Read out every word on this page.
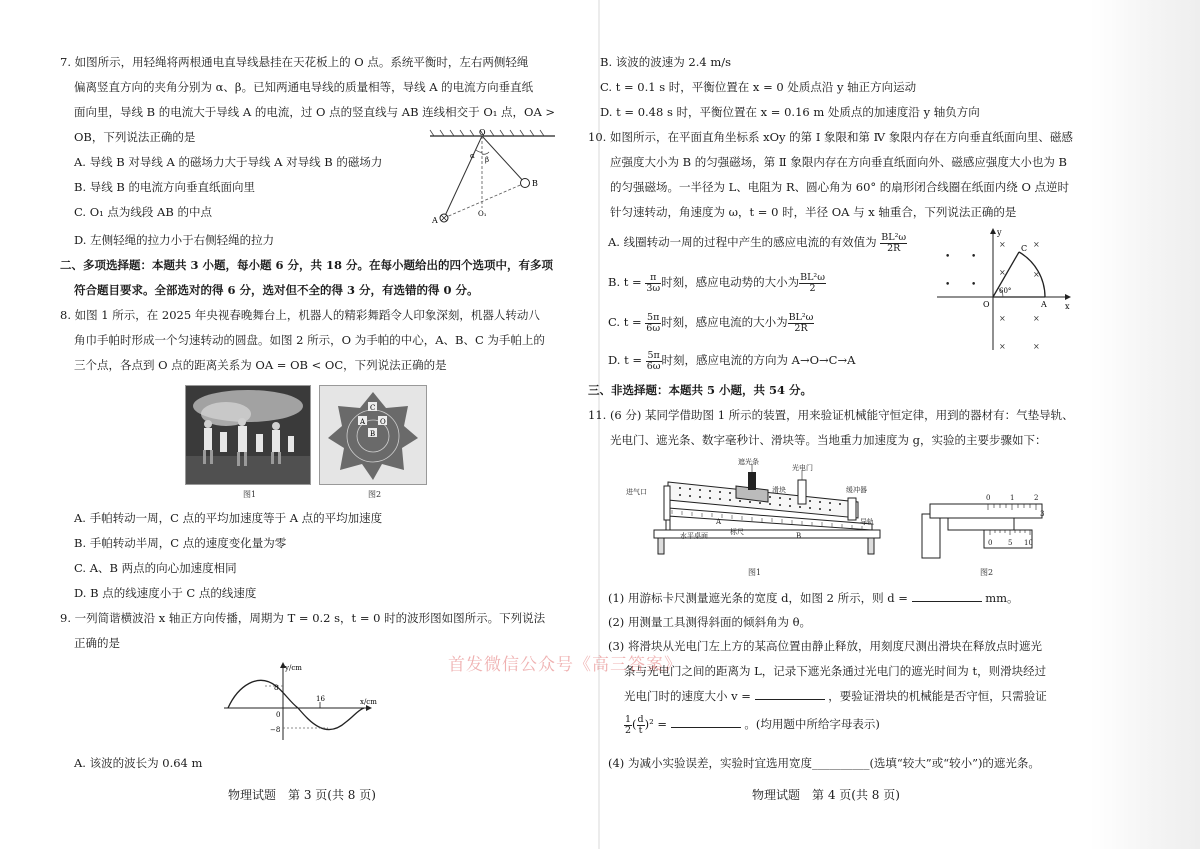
7. 如图所示，用轻绳将两根通电直导线悬挂在天花板上的 O 点。系统平衡时，左右两侧轻绳
偏离竖直方向的夹角分别为 α、β。已知两通电导线的质量相等，导线 A 的电流方向垂直纸
面向里，导线 B 的电流大于导线 A 的电流，过 O 点的竖直线与 AB 连线相交于 O₁ 点，OA >
OB，下列说法正确的是	O
A
B
O₁
α β
A. 导线 B 对导线 A 的磁场力大于导线 A 对导线 B 的磁场力
B. 导线 B 的电流方向垂直纸面向里
C. O₁ 点为线段 AB 的中点
D. 左侧轻绳的拉力小于右侧轻绳的拉力
二、多项选择题：本题共 3 小题，每小题 6 分，共 18 分。在每小题给出的四个选项中，有多项
符合题目要求。全部选对的得 6 分，选对但不全的得 3 分，有选错的得 0 分。
8. 如图 1 所示，在 2025 年央视春晚舞台上，机器人的精彩舞蹈令人印象深刻，机器人转动八
角巾手帕时形成一个匀速转动的圆盘。如图 2 所示，O 为手帕的中心，A、B、C 为手帕上的
三个点，各点到 O 点的距离关系为 OA = OB < OC，下列说法正确的是
图1
C
A O
B
图2
A. 手帕转动一周，C 点的平均加速度等于 A 点的平均加速度
B. 手帕转动半周，C 点的速度变化量为零
C. A、B 两点的向心加速度相同
D. B 点的线速度小于 C 点的线速度
9. 一列简谐横波沿 x 轴正方向传播，周期为 T = 0.2 s，t = 0 时的波形图如图所示。下列说法
正确的是
y/cm
x/cm
8
−8
16
0
A. 该波的波长为 0.64 m
物理试题　第 3 页(共 8 页)
B. 该波的波速为 2.4 m/s
C. t = 0.1 s 时，平衡位置在 x = 0 处质点沿 y 轴正方向运动
D. t = 0.48 s 时，平衡位置在 x = 0.16 m 处质点的加速度沿 y 轴负方向
10. 如图所示，在平面直角坐标系 xOy 的第 Ⅰ 象限和第 Ⅳ 象限内存在方向垂直纸面向里、磁感
应强度大小为 B 的匀强磁场，第 Ⅱ 象限内存在方向垂直纸面向外、磁感应强度大小也为 B
的匀强磁场。一半径为 L、电阻为 R、圆心角为 60° 的扇形闭合线圈在纸面内绕 O 点逆时
针匀速转动，角速度为 ω，t = 0 时，半径 OA 与 x 轴重合，下列说法正确的是
A. 线圈转动一周的过程中产生的感应电流的有效值为 $\frac{\text{BL²ω}}{2R}$
B. $t = \frac{\pi}{3\omega}$ 时刻，感应电动势的大小为 $\frac{\text{BL²ω}}{2}$
C. $t = \frac{5\pi}{6\omega}$ 时刻，感应电流的大小为 $\frac{\text{BL²ω}}{2R}$
D. $t = \frac{5\pi}{6\omega}$ 时刻，感应电流的方向为 A→O→C→A
• •
• •
×	×
×	×
×	×
×	×
y
x
O	A
C
60°
三、非选择题：本题共 5 小题，共 54 分。
11. (6 分) 某同学借助图 1 所示的装置，用来验证机械能守恒定律，用到的器材有：气垫导轨、
光电门、遮光条、数字毫秒计、滑块等。当地重力加速度为 g，实验的主要步骤如下：
遮光条
光电门
进气口	滑块	缓冲器
导轨
水平桌面	标尺
A
B
图1
0	1	2
3
0 5 10
图2
(1) 用游标卡尺测量遮光条的宽度 d，如图 2 所示，则 d =	mm。
(2) 用测量工具测得斜面的倾斜角为 θ。
(3) 将滑块从光电门左上方的某高位置由静止释放，用刻度尺测出滑块在释放点时遮光
条与光电门之间的距离为 L，记录下遮光条通过光电门的遮光时间为 t，则滑块经过
光电门时的速度大小 v =	，要验证滑块的机械能是否守恒，只需验证
$\frac{1}{2}$ ( $\frac{d}{t} )^2$ =	。(均用题中所给字母表示)
(4) 为减小实验误差，实验时宜选用宽度__________(选填“较大”或“较小”)的遮光条。
物理试题　第 4 页(共 8 页)
首发微信公众号《高三答案》
